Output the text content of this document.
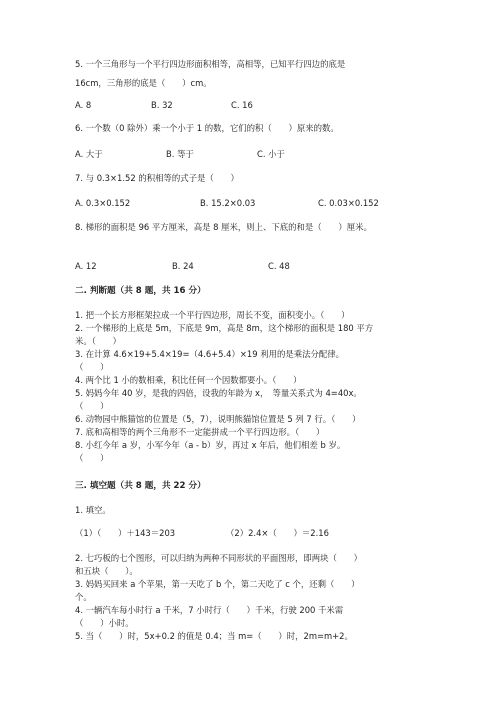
5. 一个三角形与一个平行四边形面积相等，高相等，已知平行四边的底是
16cm，三角形的底是（　　）cm。
A. 8	B. 32	C. 16
6. 一个数（0 除外）乘一个小于 1 的数，它们的积（　　）原来的数。
A. 大于	B. 等于	C. 小于
7. 与 0.3×1.52 的积相等的式子是（　　）
A. 0.3×0.152	B. 15.2×0.03	C. 0.03×0.152
8. 梯形的面积是 96 平方厘米，高是 8 厘米，则上、下底的和是（　　）厘米。
A. 12	B. 24	C. 48
二. 判断题（共 8 题，共 16 分）
1. 把一个长方形框架拉成一个平行四边形，周长不变，面积变小。（　　）
2. 一个梯形的上底是 5m，下底是 9m，高是 8m，这个梯形的面积是 180 平方
米。（　　）
3. 在计算 4.6×19+5.4×19=（4.6+5.4）×19 利用的是乘法分配律。
（　　）
4. 两个比 1 小的数相乘，积比任何一个因数都要小。（　　）
5. 妈妈今年 40 岁，是我的四倍，设我的年龄为 x，　等量关系式为 4=40x。
（　　）
6. 动物园中熊猫馆的位置是（5，7），说明熊猫馆位置是 5 列 7 行。（　　）
7. 底和高相等的两个三角形不一定能拼成一个平行四边形。（　　）
8. 小红今年 a 岁，小军今年（a - b）岁，再过 x 年后，他们相差 b 岁。
（　　）
三. 填空题（共 8 题，共 22 分）
1. 填空。
（1）（　　）＋143＝203	（2）2.4×（　　）＝2.16
2. 七巧板的七个图形，可以归纳为两种不同形状的平面图形，即两块（　　）
和五块（　　）。
3. 妈妈买回来 a 个苹果，第一天吃了 b 个，第二天吃了 c 个，还剩（　　）
个。
4. 一辆汽车每小时行 a 千米，7 小时行（　　）千米，行驶 200 千米需
（　　）小时。
5. 当（　　）时，5x+0.2 的值是 0.4；当 m=（　　）时，2m=m+2。
